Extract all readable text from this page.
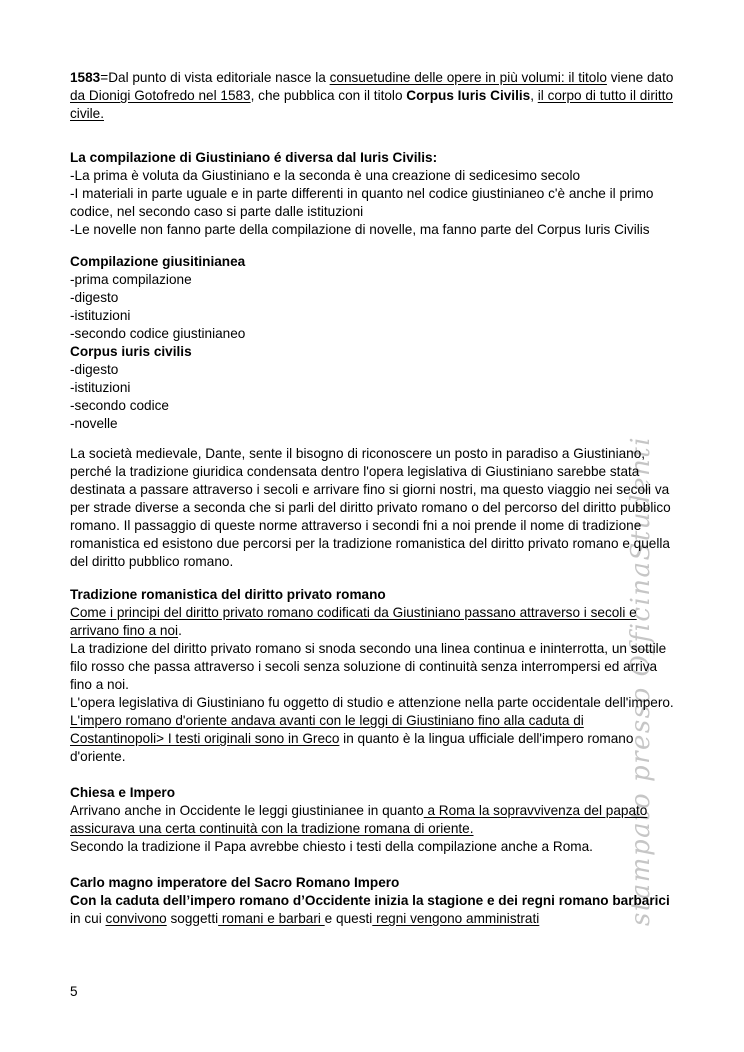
stampato presso OfficinaStudenti

1583=Dal punto di vista editoriale nasce la consuetudine delle opere in più volumi: il titolo viene dato da Dionigi Gotofredo nel 1583, che pubblica con il titolo Corpus Iuris Civilis, il corpo di tutto il diritto civile.

La compilazione di Giustiniano é diversa dal Iuris Civilis:

-La prima è voluta da Giustiniano e la seconda è una creazione di sedicesimo secolo

-I materiali in parte uguale e in parte differenti in quanto nel codice giustinianeo c'è anche il primo codice, nel secondo caso si parte dalle istituzioni

-Le novelle non fanno parte della compilazione di novelle, ma fanno parte del Corpus Iuris Civilis

Compilazione giusitinianea

-prima compilazione

-digesto

-istituzioni

-secondo codice giustinianeo

Corpus iuris civilis

-digesto

-istituzioni

-secondo codice

-novelle

La società medievale, Dante, sente il bisogno di riconoscere un posto in paradiso a Giustiniano, perché la tradizione giuridica condensata dentro l'opera legislativa di Giustiniano sarebbe stata destinata a passare attraverso i secoli e arrivare fino si giorni nostri, ma questo viaggio nei secoli va per strade diverse a seconda che si parli del diritto privato romano o del percorso del diritto pubblico romano. Il passaggio di queste norme attraverso i secondi fni a noi prende il nome di tradizione romanistica ed esistono due percorsi per la tradizione romanistica del diritto privato romano e quella del diritto pubblico romano.

Tradizione romanistica del diritto privato romano

Come i principi del diritto privato romano codificati da Giustiniano passano attraverso i secoli e arrivano fino a noi.

La tradizione del diritto privato romano si snoda secondo una linea continua e ininterrotta, un sottile filo rosso che passa attraverso i secoli senza soluzione di continuità senza interrompersi ed arriva fino a noi.

L'opera legislativa di Giustiniano fu oggetto di studio e attenzione nella parte occidentale dell'impero.

L'impero romano d'oriente andava avanti con le leggi di Giustiniano fino alla caduta di Costantinopoli> I testi originali sono in Greco in quanto è la lingua ufficiale dell'impero romano d'oriente.

Chiesa e Impero

Arrivano anche in Occidente le leggi giustinianee in quanto a Roma la sopravvivenza del papato assicurava una certa continuità con la tradizione romana di oriente.

Secondo la tradizione il Papa avrebbe chiesto i testi della compilazione anche a Roma.

Carlo magno imperatore del Sacro Romano Impero

Con la caduta dell’impero romano d’Occidente inizia la stagione e dei regni romano barbarici in cui convivono soggetti romani e barbari e questi regni vengono amministrati

5
